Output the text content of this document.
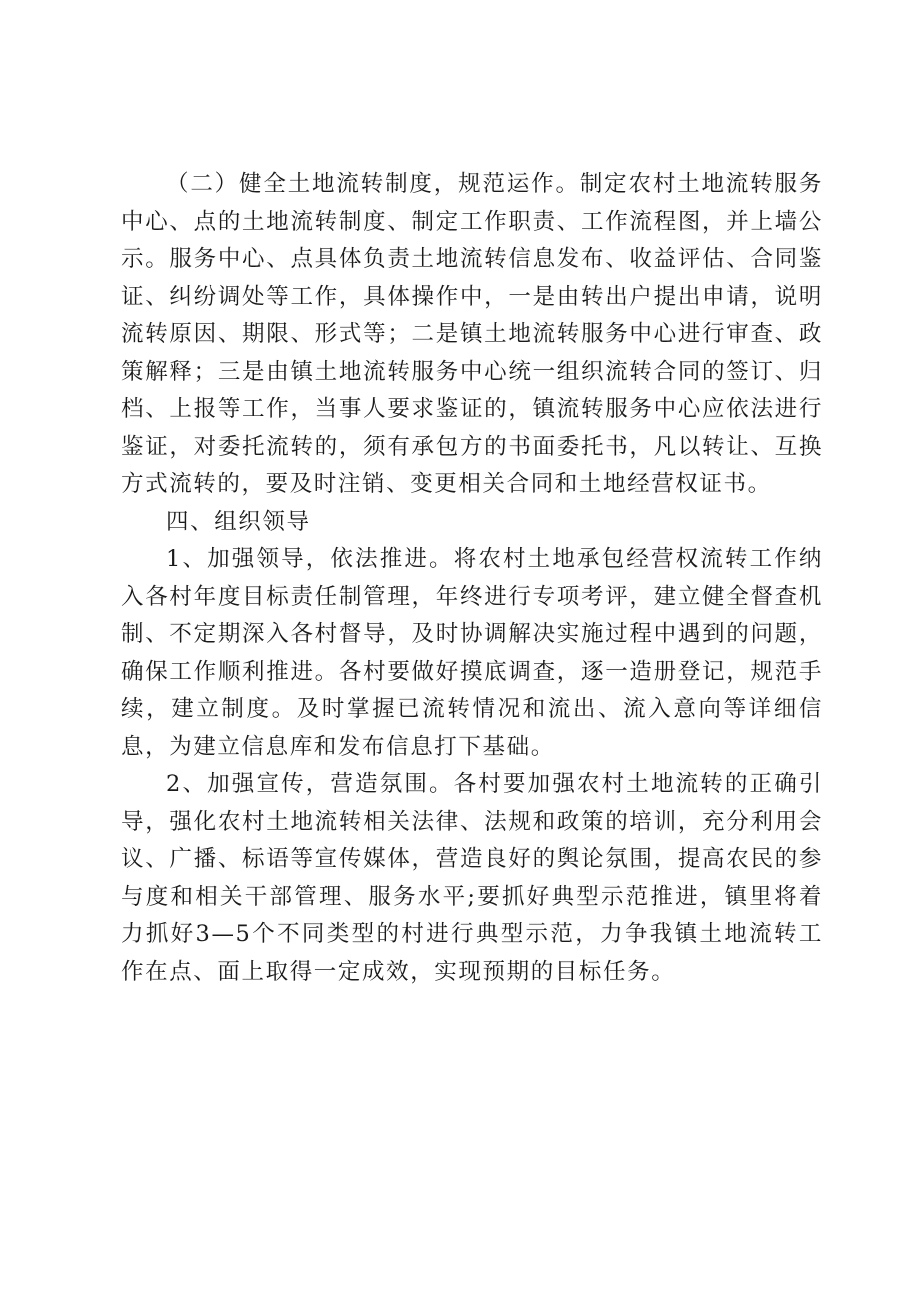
（二）健全土地流转制度，规范运作。制定农村土地流转服务中心、点的土地流转制度、制定工作职责、工作流程图，并上墙公示。服务中心、点具体负责土地流转信息发布、收益评估、合同鉴证、纠纷调处等工作，具体操作中，一是由转出户提出申请，说明流转原因、期限、形式等；二是镇土地流转服务中心进行审查、政策解释；三是由镇土地流转服务中心统一组织流转合同的签订、归档、上报等工作，当事人要求鉴证的，镇流转服务中心应依法进行鉴证，对委托流转的，须有承包方的书面委托书，凡以转让、互换方式流转的，要及时注销、变更相关合同和土地经营权证书。

四、组织领导

1、加强领导，依法推进。将农村土地承包经营权流转工作纳入各村年度目标责任制管理，年终进行专项考评，建立健全督查机制、不定期深入各村督导，及时协调解决实施过程中遇到的问题，确保工作顺利推进。各村要做好摸底调查，逐一造册登记，规范手续，建立制度。及时掌握已流转情况和流出、流入意向等详细信息，为建立信息库和发布信息打下基础。

2、加强宣传，营造氛围。各村要加强农村土地流转的正确引导，强化农村土地流转相关法律、法规和政策的培训，充分利用会议、广播、标语等宣传媒体，营造良好的舆论氛围，提高农民的参与度和相关干部管理、服务水平;要抓好典型示范推进，镇里将着力抓好3—5个不同类型的村进行典型示范，力争我镇土地流转工作在点、面上取得一定成效，实现预期的目标任务。
